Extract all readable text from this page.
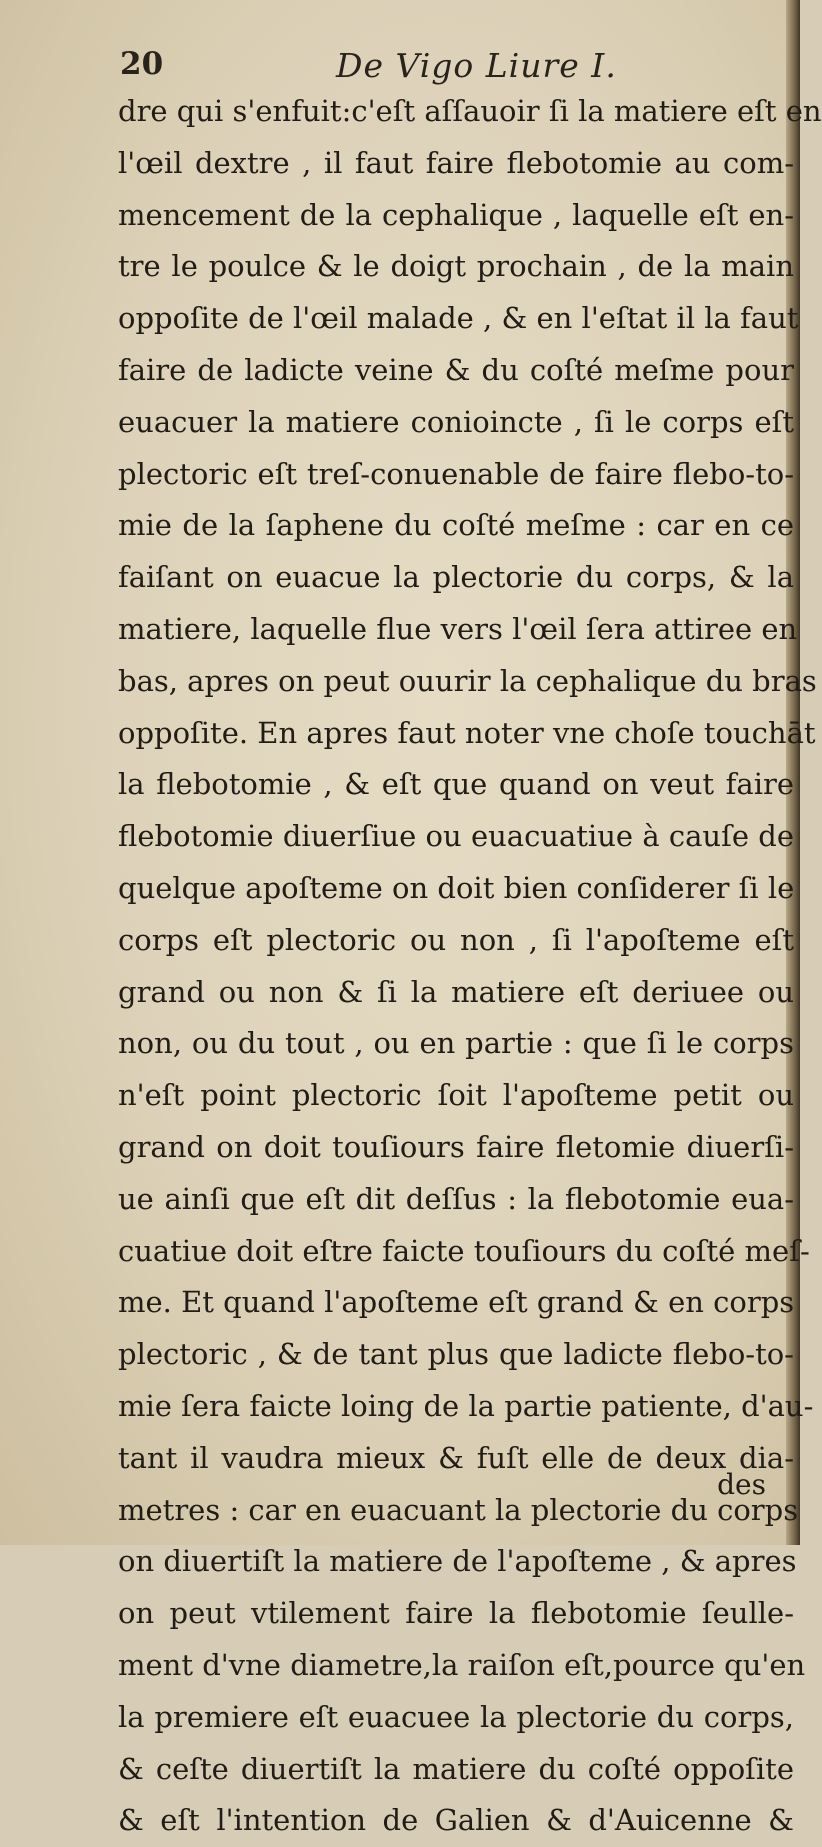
20	De Vigo Liure I.
dre qui s'enfuit:c'eſt aſſauoir ſi la matiere eſt en
l'œil dextre , il faut faire flebotomie au com-
mencement de la cephalique , laquelle eſt en-
tre le poulce & le doigt prochain , de la main
oppoſite de l'œil malade , & en l'eſtat il la faut
faire de ladicte veine & du coſté meſme pour
euacuer la matiere conioincte , ſi le corps eſt
plectoric eſt treſ-conuenable de faire flebo-to-
mie de la ſaphene du coſté meſme : car en ce
faiſant on euacue la plectorie du corps, & la
matiere, laquelle flue vers l'œil ſera attiree en
bas, apres on peut ouurir la cephalique du bras
oppoſite. En apres faut noter vne choſe touchāt
la flebotomie , & eſt que quand on veut faire
flebotomie diuerſiue ou euacuatiue à cauſe de
quelque apoſteme on doit bien conſiderer ſi le
corps eſt plectoric ou non , ſi l'apoſteme eſt
grand ou non & ſi la matiere eſt deriuee ou
non, ou du tout , ou en partie : que ſi le corps
n'eſt point plectoric ſoit l'apoſteme petit ou
grand on doit touſiours faire fletomie diuerſi-
ue ainſi que eſt dit deſſus : la flebotomie eua-
cuatiue doit eſtre faicte touſiours du coſté meſ-
me. Et quand l'apoſteme eſt grand & en corps
plectoric , & de tant plus que ladicte flebo-to-
mie ſera faicte loing de la partie patiente, d'au-
tant il vaudra mieux & fuſt elle de deux dia-
metres : car en euacuant la plectorie du corps
on diuertiſt la matiere de l'apoſteme , & apres
on peut vtilement faire la flebotomie ſeulle-
ment d'vne diametre,la raiſon eſt,pource qu'en
la premiere eſt euacuee la plectorie du corps,
& ceſte diuertiſt la matiere du coſté oppoſite
& eſt l'intention de Galien & d'Auicenne &
des
